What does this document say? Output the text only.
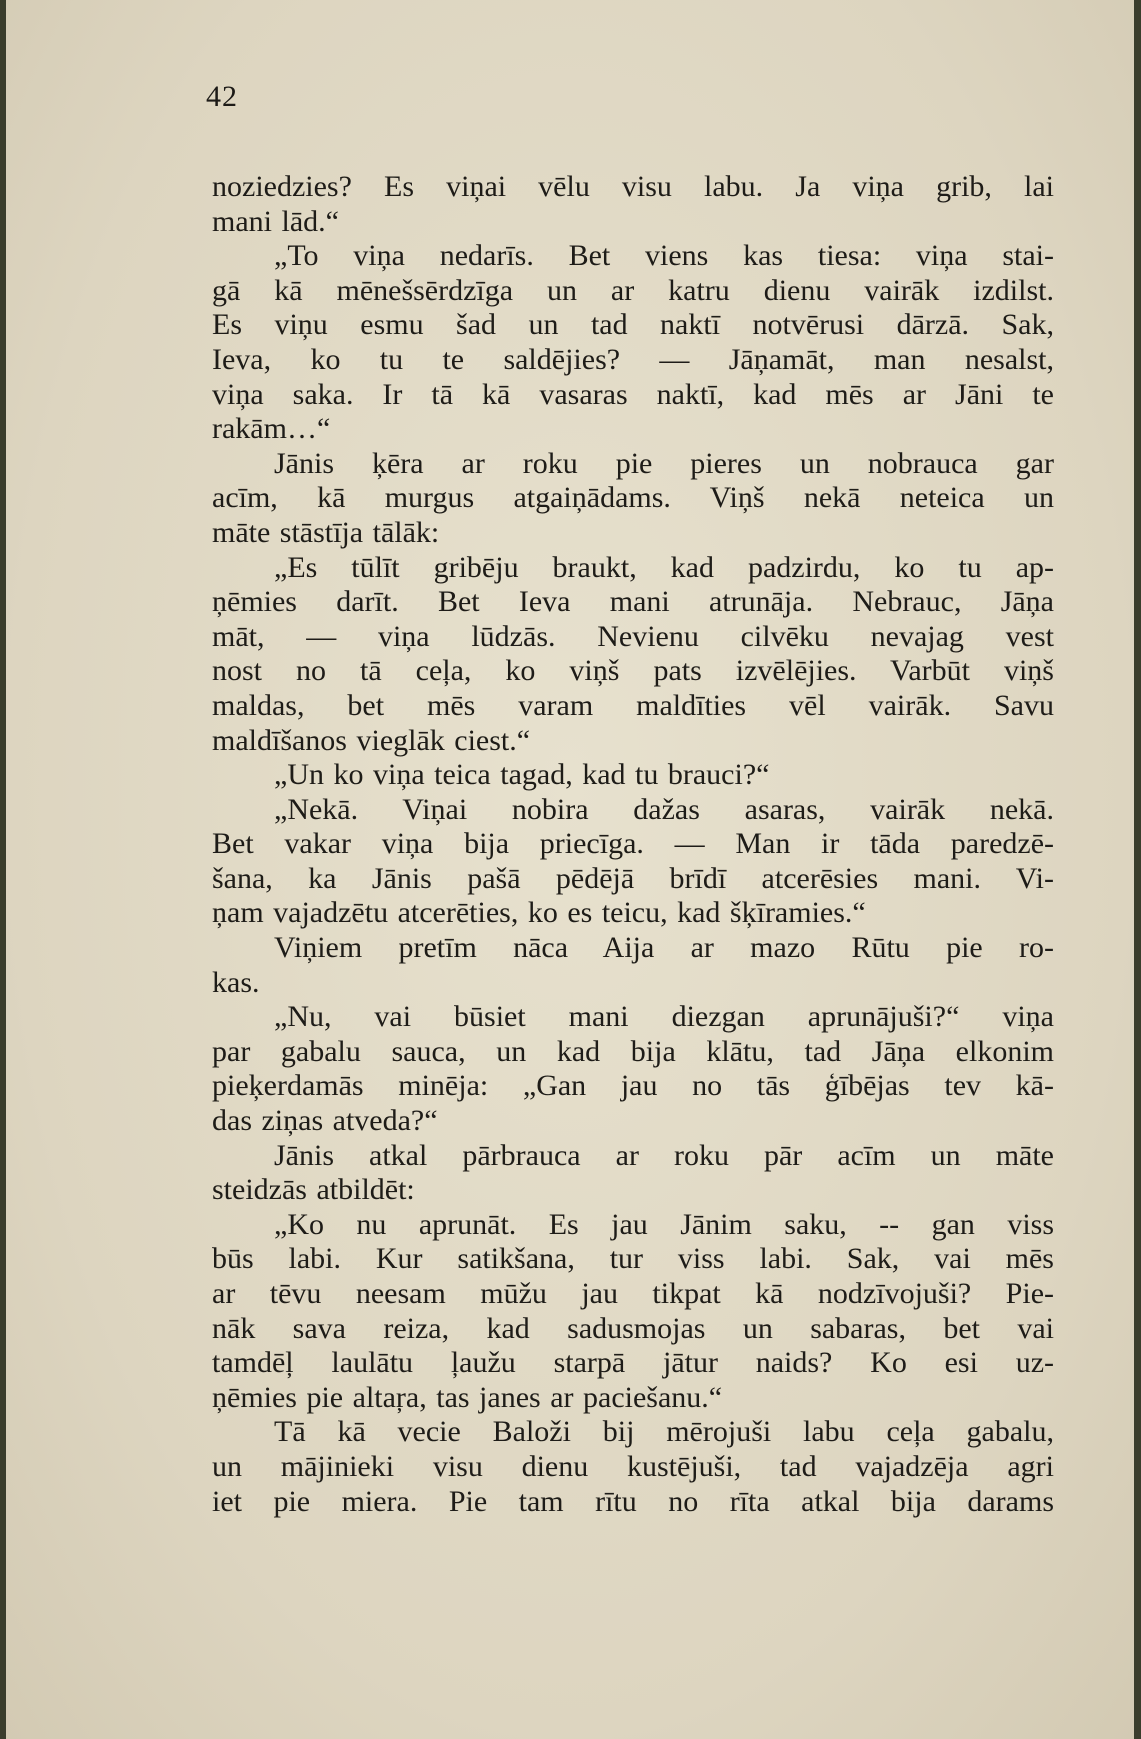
42

noziedzies? Es viņai vēlu visu labu. Ja viņa grib, lai
mani lād.“
„To viņa nedarīs. Bet viens kas tiesa: viņa stai-
gā kā mēnešsērdzīga un ar katru dienu vairāk izdilst.
Es viņu esmu šad un tad naktī notvērusi dārzā. Sak,
Ieva, ko tu te saldējies? — Jāņamāt, man nesalst,
viņa saka. Ir tā kā vasaras naktī, kad mēs ar Jāni te
rakām…“
Jānis ķēra ar roku pie pieres un nobrauca gar
acīm, kā murgus atgaiņādams. Viņš nekā neteica un
māte stāstīja tālāk:
„Es tūlīt gribēju braukt, kad padzirdu, ko tu ap-
ņēmies darīt. Bet Ieva mani atrunāja. Nebrauc, Jāņa
māt, — viņa lūdzās. Nevienu cilvēku nevajag vest
nost no tā ceļa, ko viņš pats izvēlējies. Varbūt viņš
maldas, bet mēs varam maldīties vēl vairāk. Savu
maldīšanos vieglāk ciest.“
„Un ko viņa teica tagad, kad tu brauci?“
„Nekā. Viņai nobira dažas asaras, vairāk nekā.
Bet vakar viņa bija priecīga. — Man ir tāda paredzē-
šana, ka Jānis pašā pēdējā brīdī atcerēsies mani. Vi-
ņam vajadzētu atcerēties, ko es teicu, kad šķīramies.“
Viņiem pretīm nāca Aija ar mazo Rūtu pie ro-
kas.
„Nu, vai būsiet mani diezgan aprunājuši?“ viņa
par gabalu sauca, un kad bija klātu, tad Jāņa elkonim
pieķerdamās minēja: „Gan jau no tās ģībējas tev kā-
das ziņas atveda?“
Jānis atkal pārbrauca ar roku pār acīm un māte
steidzās atbildēt:
„Ko nu aprunāt. Es jau Jānim saku, -- gan viss
būs labi. Kur satikšana, tur viss labi. Sak, vai mēs
ar tēvu neesam mūžu jau tikpat kā nodzīvojuši? Pie-
nāk sava reiza, kad sadusmojas un sabaras, bet vai
tamdēļ laulātu ļaužu starpā jātur naids? Ko esi uz-
ņēmies pie altaŗa, tas janes ar paciešanu.“
Tā kā vecie Baloži bij mērojuši labu ceļa gabalu,
un mājinieki visu dienu kustējuši, tad vajadzēja agri
iet pie miera. Pie tam rītu no rīta atkal bija darams
